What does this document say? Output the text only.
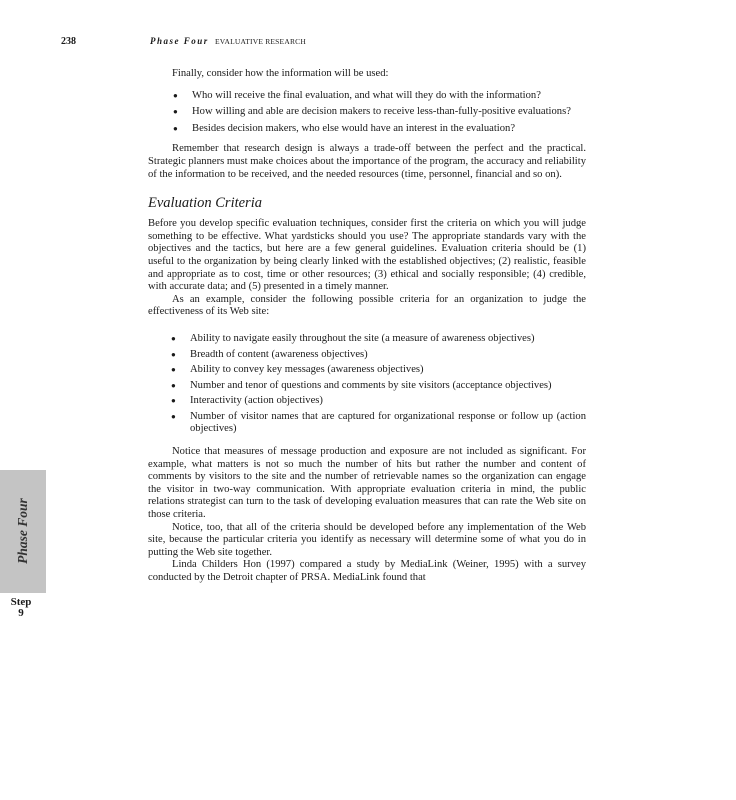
238	Phase Four EVALUATIVE RESEARCH

Finally, consider how the information will be used:

● Who will receive the final evaluation, and what will they do with the information?
● How willing and able are decision makers to receive less-than-fully-positive evaluations?
● Besides decision makers, who else would have an interest in the evaluation?

Remember that research design is always a trade-off between the perfect and the practical. Strategic planners must make choices about the importance of the program, the accuracy and reliability of the information to be received, and the needed resources (time, personnel, financial and so on).

Evaluation Criteria

Before you develop specific evaluation techniques, consider first the criteria on which you will judge something to be effective. What yardsticks should you use? The appropriate standards vary with the objectives and the tactics, but here are a few general guidelines. Evaluation criteria should be (1) useful to the organization by being clearly linked with the established objectives; (2) realistic, feasible and appropriate as to cost, time or other resources; (3) ethical and socially responsible; (4) credible, with accurate data; and (5) presented in a timely manner.

As an example, consider the following possible criteria for an organization to judge the effectiveness of its Web site:

● Ability to navigate easily throughout the site (a measure of awareness objectives)
● Breadth of content (awareness objectives)
● Ability to convey key messages (awareness objectives)
● Number and tenor of questions and comments by site visitors (acceptance objectives)
● Interactivity (action objectives)
● Number of visitor names that are captured for organizational response or follow up (action objectives)

Notice that measures of message production and exposure are not included as significant. For example, what matters is not so much the number of hits but rather the number and content of comments by visitors to the site and the number of retrievable names so the organization can engage the visitor in two-way communication. With appropriate evaluation criteria in mind, the public relations strategist can turn to the task of developing evaluation measures that can rate the Web site on those criteria.

Notice, too, that all of the criteria should be developed before any implementation of the Web site, because the particular criteria you identify as necessary will determine some of what you do in putting the Web site together.

Linda Childers Hon (1997) compared a study by MediaLink (Weiner, 1995) with a survey conducted by the Detroit chapter of PRSA. MediaLink found that

Phase Four
Step
9
